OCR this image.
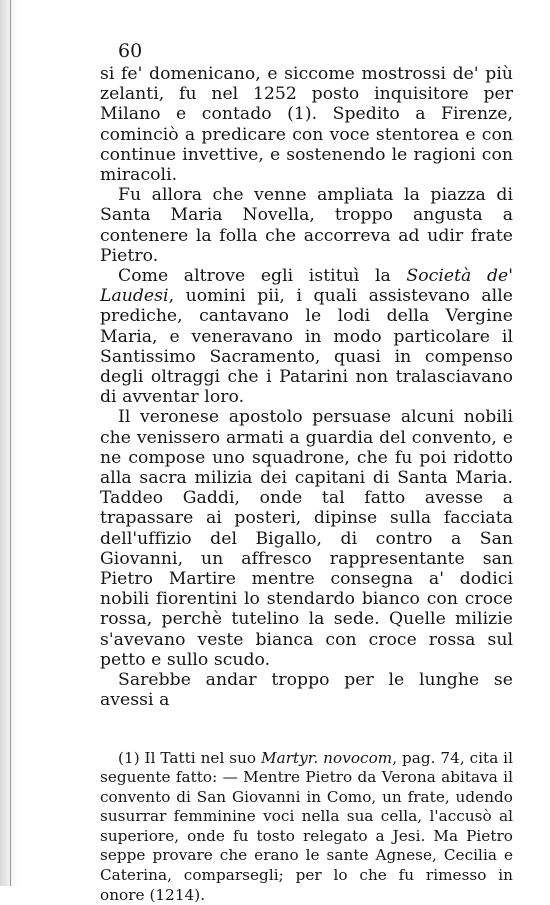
60

si fe' domenicano, e siccome mostrossi de' più zelanti, fu nel 1252 posto inquisitore per Milano e contado (1). Spedito a Firenze, cominciò a predicare con voce stentorea e con continue invettive, e sostenendo le ragioni con miracoli.

Fu allora che venne ampliata la piazza di Santa Maria Novella, troppo angusta a contenere la folla che accorreva ad udir frate Pietro.

Come altrove egli istituì la Società de' Laudesi, uomini pii, i quali assistevano alle prediche, cantavano le lodi della Vergine Maria, e veneravano in modo particolare il Santissimo Sacramento, quasi in compenso degli oltraggi che i Patarini non tralasciavano di avventar loro.

Il veronese apostolo persuase alcuni nobili che venissero armati a guardia del convento, e ne compose uno squadrone, che fu poi ridotto alla sacra milizia dei capitani di Santa Maria. Taddeo Gaddi, onde tal fatto avesse a trapassare ai posteri, dipinse sulla facciata dell'uffizio del Bigallo, di contro a San Giovanni, un affresco rappresentante san Pietro Martire mentre consegna a' dodici nobili fiorentini lo stendardo bianco con croce rossa, perchè tutelino la sede. Quelle milizie s'avevano veste bianca con croce rossa sul petto e sullo scudo.

Sarebbe andar troppo per le lunghe se avessi a

(1) Il Tatti nel suo Martyr. novocom, pag. 74, cita il seguente fatto: — Mentre Pietro da Verona abitava il convento di San Giovanni in Como, un frate, udendo susurrar femminine voci nella sua cella, l'accusò al superiore, onde fu tosto relegato a Jesi. Ma Pietro seppe provare che erano le sante Agnese, Cecilia e Caterina, comparsegli; per lo che fu rimesso in onore (1214).
